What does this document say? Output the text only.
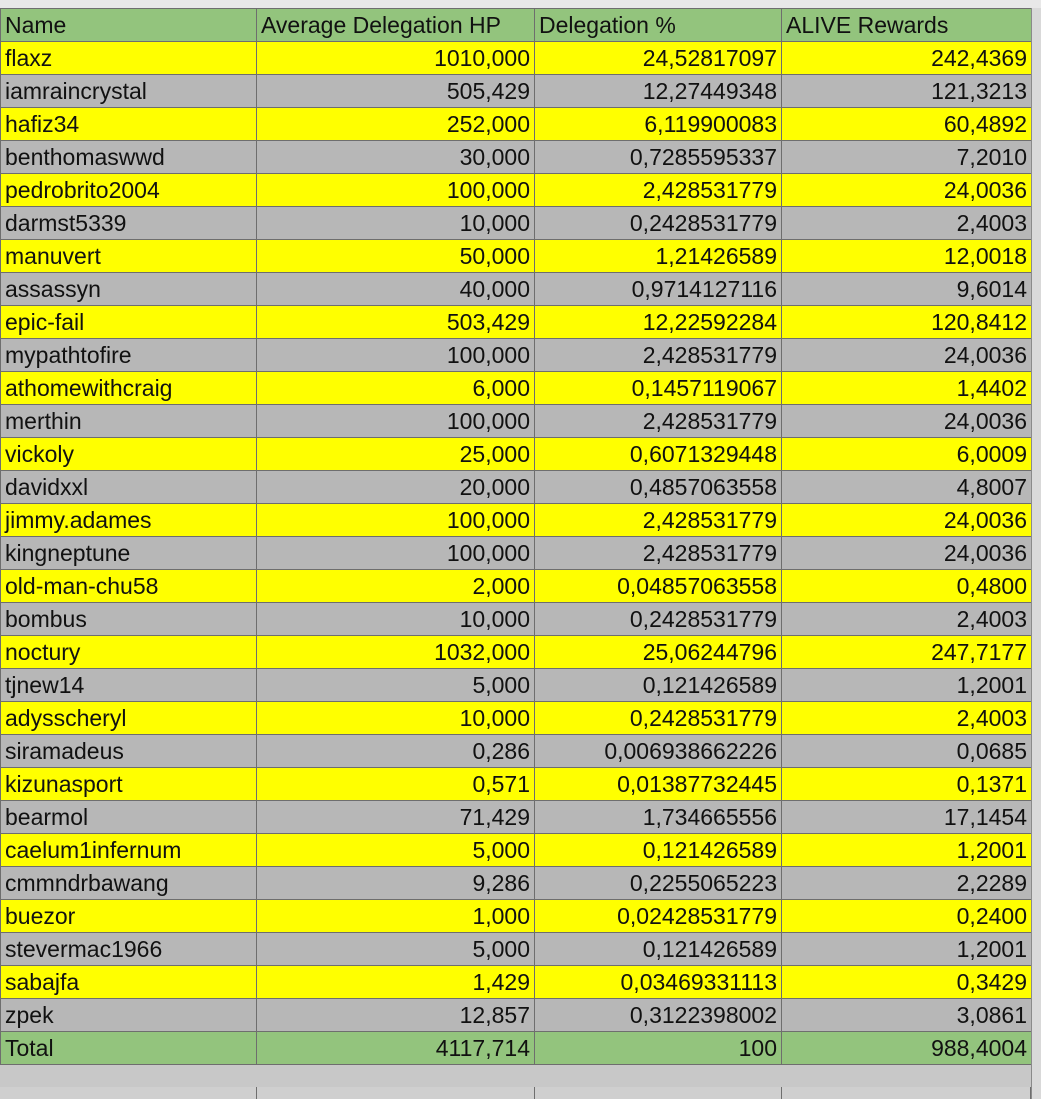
Name	Average Delegation HP	Delegation %	ALIVE Rewards
flaxz	1010,000	24,52817097	242,4369
iamraincrystal	505,429	12,27449348	121,3213
hafiz34	252,000	6,119900083	60,4892
benthomaswwd	30,000	0,7285595337	7,2010
pedrobrito2004	100,000	2,428531779	24,0036
darmst5339	10,000	0,2428531779	2,4003
manuvert	50,000	1,21426589	12,0018
assassyn	40,000	0,9714127116	9,6014
epic-fail	503,429	12,22592284	120,8412
mypathtofire	100,000	2,428531779	24,0036
athomewithcraig	6,000	0,1457119067	1,4402
merthin	100,000	2,428531779	24,0036
vickoly	25,000	0,6071329448	6,0009
davidxxl	20,000	0,4857063558	4,8007
jimmy.adames	100,000	2,428531779	24,0036
kingneptune	100,000	2,428531779	24,0036
old-man-chu58	2,000	0,04857063558	0,4800
bombus	10,000	0,2428531779	2,4003
noctury	1032,000	25,06244796	247,7177
tjnew14	5,000	0,121426589	1,2001
adysscheryl	10,000	0,2428531779	2,4003
siramadeus	0,286	0,006938662226	0,0685
kizunasport	0,571	0,01387732445	0,1371
bearmol	71,429	1,734665556	17,1454
caelum1infernum	5,000	0,121426589	1,2001
cmmndrbawang	9,286	0,2255065223	2,2289
buezor	1,000	0,02428531779	0,2400
stevermac1966	5,000	0,121426589	1,2001
sabajfa	1,429	0,03469331113	0,3429
zpek	12,857	0,3122398002	3,0861
Total	4117,714	100	988,4004
